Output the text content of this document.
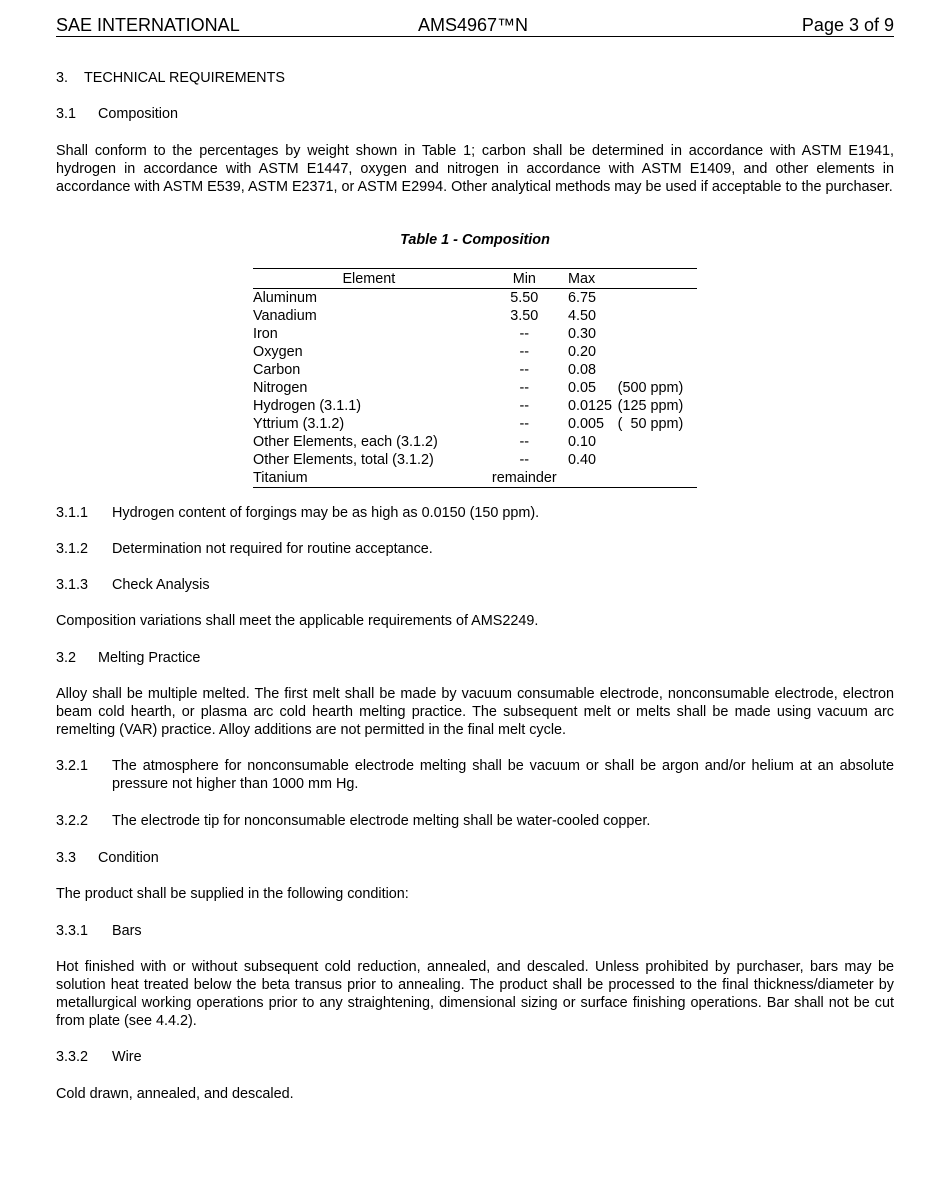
SAE INTERNATIONAL	AMS4967™N	Page 3 of 9
3. TECHNICAL REQUIREMENTS
3.1 Composition
Shall conform to the percentages by weight shown in Table 1; carbon shall be determined in accordance with ASTM E1941, hydrogen in accordance with ASTM E1447, oxygen and nitrogen in accordance with ASTM E1409, and other elements in accordance with ASTM E539, ASTM E2371, or ASTM E2994. Other analytical methods may be used if acceptable to the purchaser.
Table 1 - Composition
Element	Min	Max	
Aluminum	5.50	6.75	
Vanadium	3.50	4.50	
Iron	--	0.30	
Oxygen	--	0.20	
Carbon	--	0.08	
Nitrogen	--	0.05	(500 ppm)
Hydrogen (3.1.1)	--	0.0125	(125 ppm)
Yttrium (3.1.2)	--	0.005	(  50 ppm)
Other Elements, each (3.1.2)	--	0.10	
Other Elements, total (3.1.2)	--	0.40	
Titanium	remainder		
3.1.1	Hydrogen content of forgings may be as high as 0.0150 (150 ppm).
3.1.2	Determination not required for routine acceptance.
3.1.3 Check Analysis
Composition variations shall meet the applicable requirements of AMS2249.
3.2 Melting Practice
Alloy shall be multiple melted. The first melt shall be made by vacuum consumable electrode, nonconsumable electrode, electron beam cold hearth, or plasma arc cold hearth melting practice. The subsequent melt or melts shall be made using vacuum arc remelting (VAR) practice. Alloy additions are not permitted in the final melt cycle.
3.2.1	The atmosphere for nonconsumable electrode melting shall be vacuum or shall be argon and/or helium at an absolute pressure not higher than 1000 mm Hg.
3.2.2	The electrode tip for nonconsumable electrode melting shall be water-cooled copper.
3.3 Condition
The product shall be supplied in the following condition:
3.3.1 Bars
Hot finished with or without subsequent cold reduction, annealed, and descaled. Unless prohibited by purchaser, bars may be solution heat treated below the beta transus prior to annealing. The product shall be processed to the final thickness/diameter by metallurgical working operations prior to any straightening, dimensional sizing or surface finishing operations. Bar shall not be cut from plate (see 4.4.2).
3.3.2 Wire
Cold drawn, annealed, and descaled.
